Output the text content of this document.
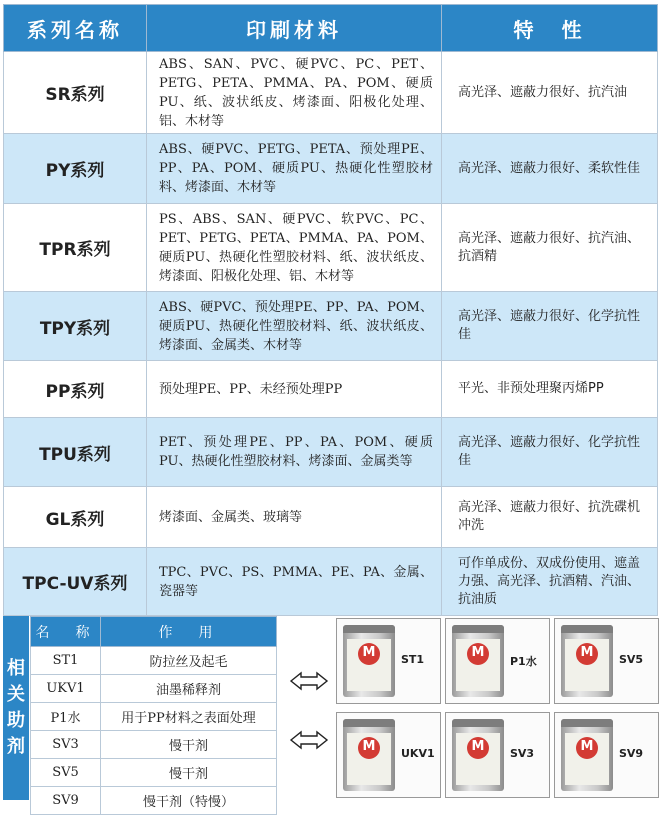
系列名称	印刷材料	特　性
SR系列	ABS、SAN、PVC、硬PVC、PC、PET、PETG、PETA、PMMA、PA、POM、硬质PU、纸、波状纸皮、烤漆面、阳极化处理、铝、木材等	高光泽、遮蔽力很好、抗汽油
PY系列	ABS、硬PVC、PETG、PETA、预处理PE、PP、PA、POM、硬质PU、热硬化性塑胶材料、烤漆面、木材等	高光泽、遮蔽力很好、柔软性佳
TPR系列	PS、ABS、SAN、硬PVC、软PVC、PC、PET、PETG、PETA、PMMA、PA、POM、硬质PU、热硬化性塑胶材料、纸、波状纸皮、烤漆面、阳极化处理、铝、木材等	高光泽、遮蔽力很好、抗汽油、抗酒精
TPY系列	ABS、硬PVC、预处理PE、PP、PA、POM、硬质PU、热硬化性塑胶材料、纸、波状纸皮、烤漆面、金属类、木材等	高光泽、遮蔽力很好、化学抗性佳
PP系列	预处理PE、PP、未经预处理PP	平光、非预处理聚丙烯PP
TPU系列	PET、预处理PE、PP、PA、POM、硬质PU、热硬化性塑胶材料、烤漆面、金属类等	高光泽、遮蔽力很好、化学抗性佳
GL系列	烤漆面、金属类、玻璃等	高光泽、遮蔽力很好、抗洗碟机冲洗
TPC-UV系列	TPC、PVC、PS、PMMA、PE、PA、金属、瓷器等	可作单成份、双成份使用、遮盖力强、高光泽、抗酒精、汽油、抗油质
相
关
助
剂
名　称	作　用
ST1	防拉丝及起毛
UKV1	油墨稀释剂
P1水	用于PP材料之表面处理
SV3	慢干剂
SV5	慢干剂
SV9	慢干剂（特慢）
M	ST1	M
P1水
M	SV5
M	UKV1	M	SV3	M	SV9
